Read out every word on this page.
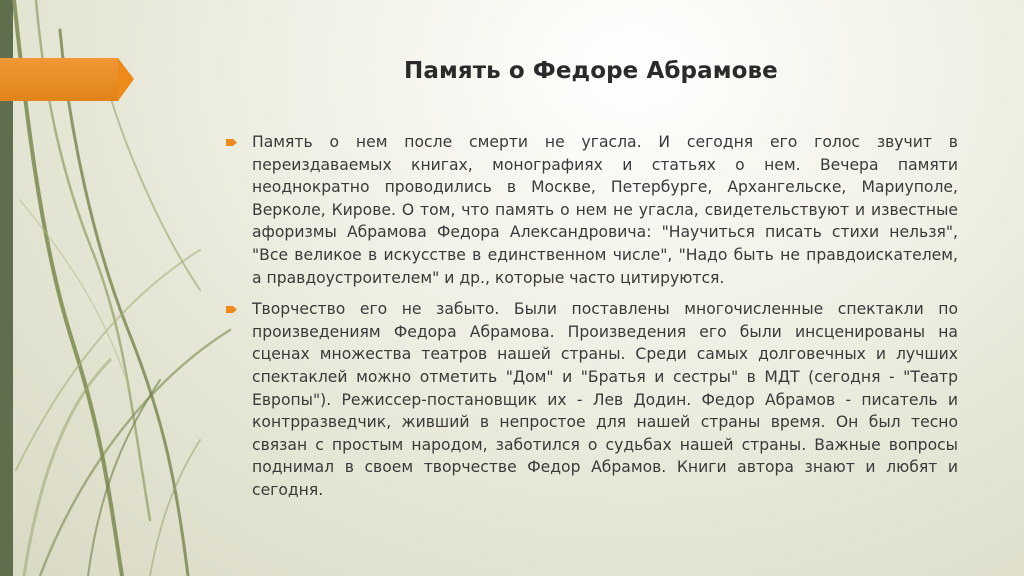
Память о Федоре Абрамове
Память о нем после смерти не угасла. И сегодня его голос звучит в переиздаваемых книгах, монографиях и статьях о нем. Вечера памяти неоднократно проводились в Москве, Петербурге, Архангельске, Мариуполе, Верколе, Кирове. О том, что память о нем не угасла, свидетельствуют и известные афоризмы Абрамова Федора Александровича: "Научиться писать стихи нельзя", "Все великое в искусстве в единственном числе", "Надо быть не правдоискателем, а правдоустроителем" и др., которые часто цитируются.
Творчество его не забыто. Были поставлены многочисленные спектакли по произведениям Федора Абрамова. Произведения его были инсценированы на сценах множества театров нашей страны. Среди самых долговечных и лучших спектаклей можно отметить "Дом" и "Братья и сестры" в МДТ (сегодня - "Театр Европы"). Режиссер-постановщик их - Лев Додин. Федор Абрамов - писатель и контрразведчик, живший в непростое для нашей страны время. Он был тесно связан с простым народом, заботился о судьбах нашей страны. Важные вопросы поднимал в своем творчестве Федор Абрамов. Книги автора знают и любят и сегодня.
